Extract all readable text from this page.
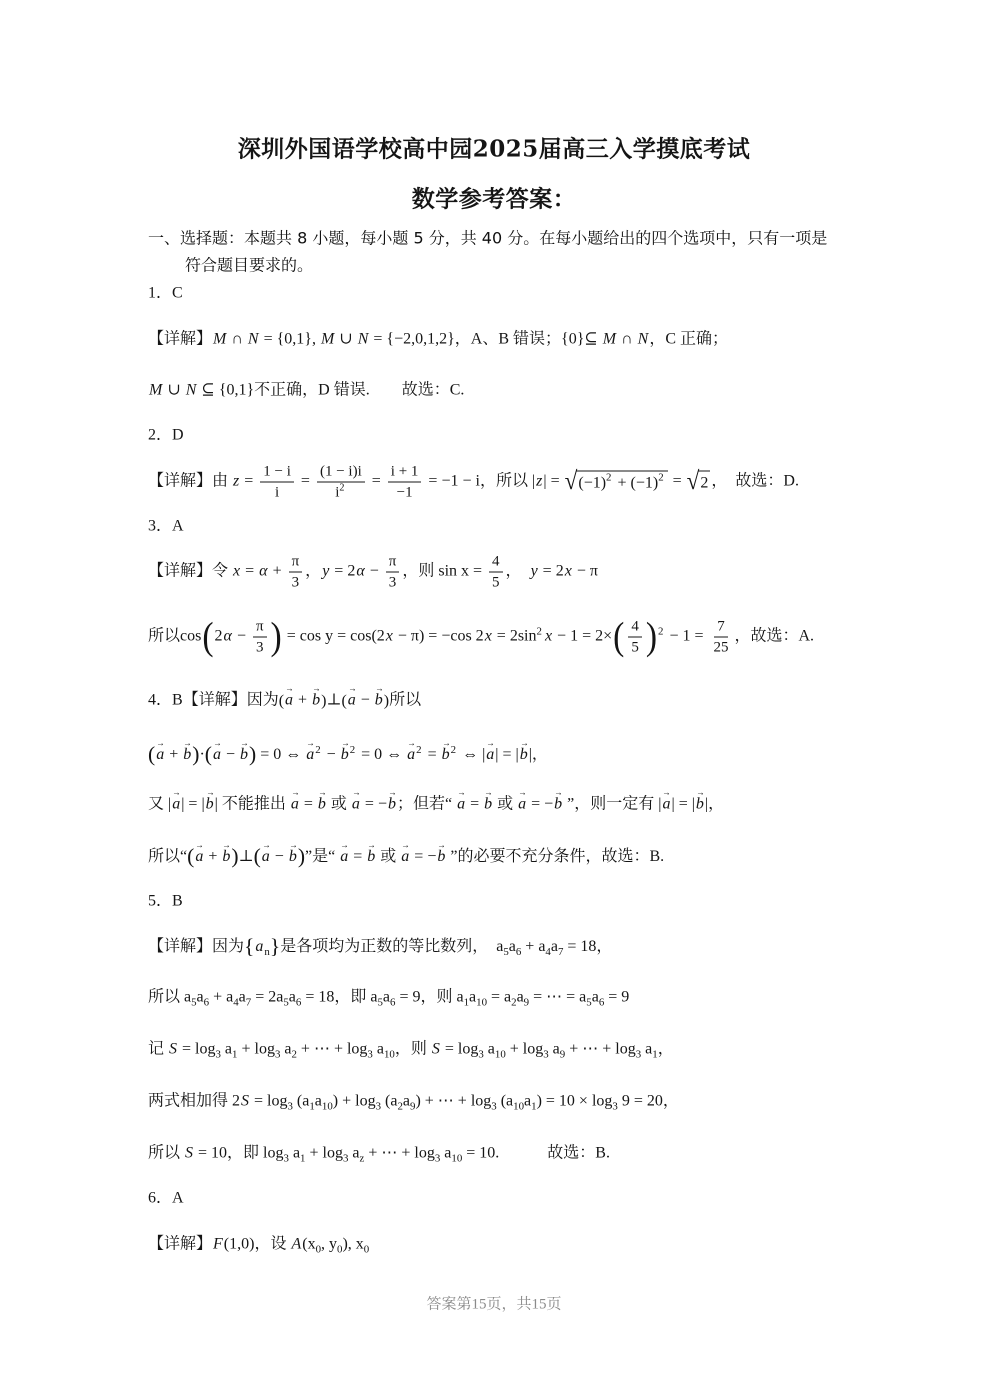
深圳外国语学校高中园2025届高三入学摸底考试
数学参考答案：
一、选择题：本题共 8 小题，每小题 5 分，共 40 分。在每小题给出的四个选项中，只有一项是
符合题目要求的。
1．C
【详解】M ∩ N = {0,1}, M ∪ N = {−2,0,1,2}，A、B 错误；{0}⊆ M ∩ N，C 正确；
M ∪ N ⊆ {0,1}不正确，D 错误.　　故选：C.
2．D
【详解】由 $z = \frac{1 - i}{i} = \frac{(1 - i)i}{i^2} = \frac{i + 1}{-1} = -1 - i$，所以 |z| = √ $(-1)^2 + (-1)^2$ = √ 2 ，　故选：D.
3．A
【详解】令 $x = \alpha + \frac{\pi}{3}$ ，$y = 2\alpha - \frac{\pi}{3}$ ，则 $\sin x = \frac{4}{5}$ ，　y = 2x − π
所以$\cos(2\alpha - \frac{\pi}{3}$ ) = cos y = cos(2x − π) = −cos $2x = 2\sin^2$ $x - 1 = 2\times( \frac{4}{5} )^2 - 1 = \frac{7}{25}$ ，故选：A.
4．B【详解】因为(a → + b →)⊥(a → − b →)所以
(a → + b →)·(a → − b →) = 0 ⇔ a →$^2$ − b →$^2$ = 0 ⇔ a →$^2$ = b →$^2$ ⇔ |a →| = |b →|，
又 |a →| = |b →| 不能推出 a → = b → 或 a → = −b →；但若“ a → = b → 或 a → = −b → ”，则一定有 |a →| = |b →|，
所以“(a → + b →)⊥(a → − b →)”是“ a → = b → 或 a → = −b → ”的必要不充分条件，故选：B.
5．B
【详解】因为$\{a_n\}$是各项均为正数的等比数列，　$a_5a_6 + a_4a_7 = 18$，
所以 $a_5a_6 + a_4a_7 = 2a_5a_6 = 18$，即 $a_5a_6 = 9$，则 $a_1a_{10} = a_2a_9$ = ⋯ = $a_5a_6 = 9$
记 $S = \log_3 a_1 + \log_3 a_2$ + ⋯ + $\log_3 a_{10}$，则 $S = \log_3 a_{10} + \log_3 a_9$ + ⋯ + $\log_3 a_1$，
两式相加得 $2S = \log_3 (a_1a_{10}) + \log_3 (a_2a_9)$ + ⋯ + $\log_3 (a_{10}a_1) = 10 \times \log_3 9 = 20$，
所以 S = 10，即 $\log_3 a_1 + \log_3 a_z$ + ⋯ + $\log_3 a_{10} = 10$.　　　故选：B.
6．A
【详解】F(1,0)，设 $A(x_0$, $y_0$), $x_0$
答案第15页，共15页
